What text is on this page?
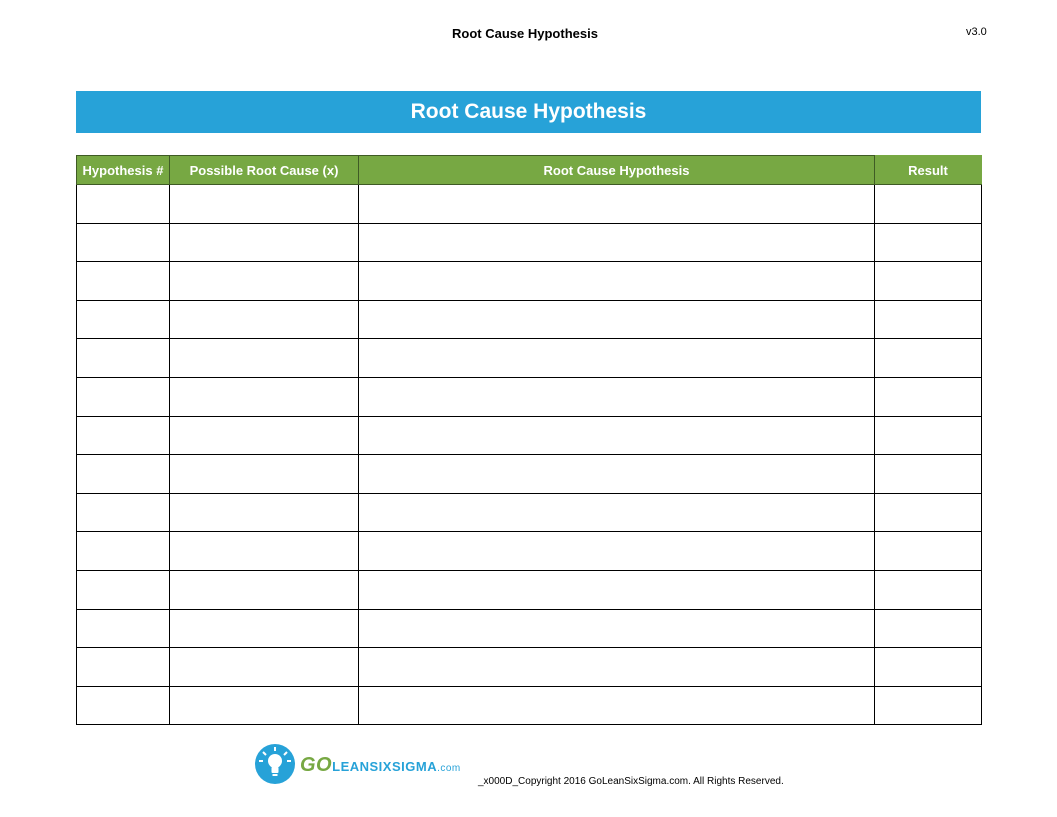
Root Cause Hypothesis	v3.0
Root Cause Hypothesis
Hypothesis #	Possible Root Cause (x)	Root Cause Hypothesis	Result

GOLEANSIXSIGMA.com
_x000D_Copyright 2016 GoLeanSixSigma.com. All Rights Reserved.
